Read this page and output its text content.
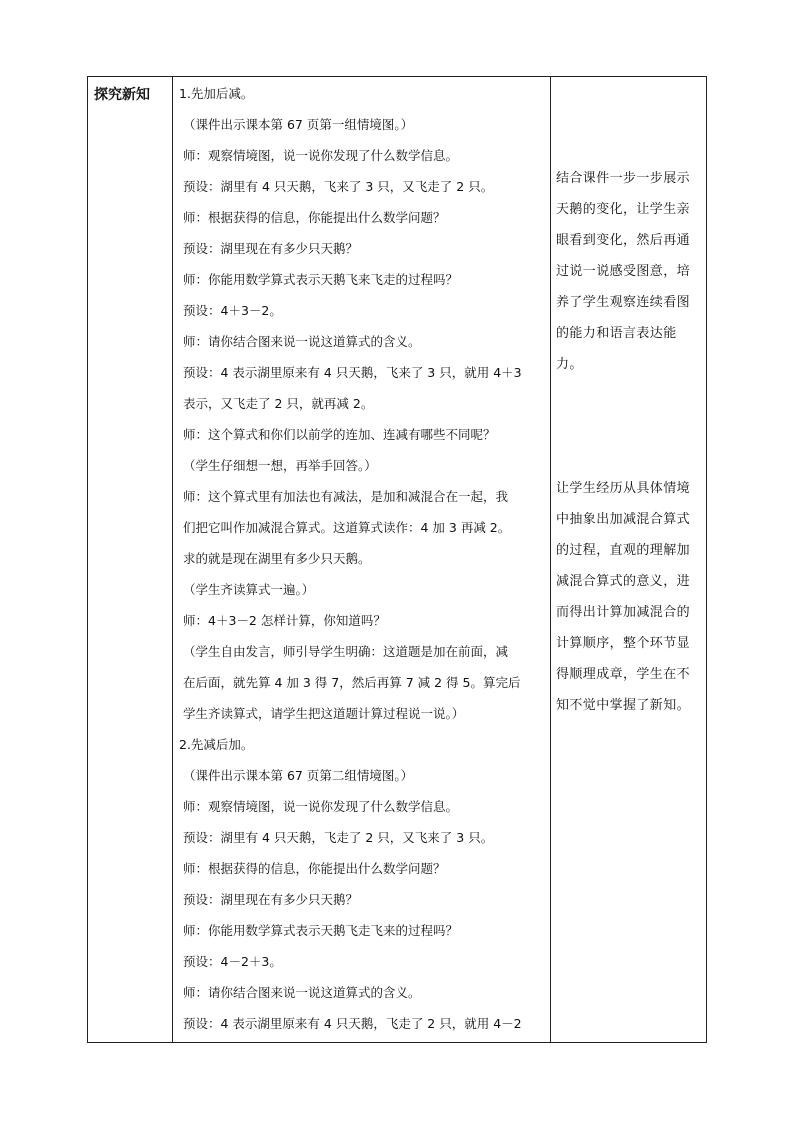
探究新知 1.先加后减。
（课件出示课本第 67 页第一组情境图。）
师：观察情境图，说一说你发现了什么数学信息。
预设：湖里有 4 只天鹅，飞来了 3 只，又飞走了 2 只。
师：根据获得的信息，你能提出什么数学问题？
预设：湖里现在有多少只天鹅？
师：你能用数学算式表示天鹅飞来飞走的过程吗？
预设：4＋3－2。
师：请你结合图来说一说这道算式的含义。
预设：4 表示湖里原来有 4 只天鹅，飞来了 3 只，就用 4＋3
表示，又飞走了 2 只，就再减 2。
师：这个算式和你们以前学的连加、连减有哪些不同呢？
（学生仔细想一想，再举手回答。）
师：这个算式里有加法也有减法，是加和减混合在一起，我
们把它叫作加减混合算式。这道算式读作：4 加 3 再减 2。
求的就是现在湖里有多少只天鹅。
（学生齐读算式一遍。）
师：4＋3－2 怎样计算，你知道吗？
（学生自由发言，师引导学生明确：这道题是加在前面，减
在后面，就先算 4 加 3 得 7，然后再算 7 减 2 得 5。算完后
学生齐读算式，请学生把这道题计算过程说一说。）
2.先减后加。
（课件出示课本第 67 页第二组情境图。）
师：观察情境图，说一说你发现了什么数学信息。
预设：湖里有 4 只天鹅，飞走了 2 只，又飞来了 3 只。
师：根据获得的信息，你能提出什么数学问题？
预设：湖里现在有多少只天鹅？
师：你能用数学算式表示天鹅飞走飞来的过程吗？
预设：4－2＋3。
师：请你结合图来说一说这道算式的含义。
预设：4 表示湖里原来有 4 只天鹅，飞走了 2 只，就用 4－2
结合课件一步一步展示
天鹅的变化，让学生亲
眼看到变化，然后再通
过说一说感受图意，培
养了学生观察连续看图
的能力和语言表达能
力。
让学生经历从具体情境
中抽象出加减混合算式
的过程，直观的理解加
减混合算式的意义，进
而得出计算加减混合的
计算顺序，整个环节显
得顺理成章，学生在不
知不觉中掌握了新知。
